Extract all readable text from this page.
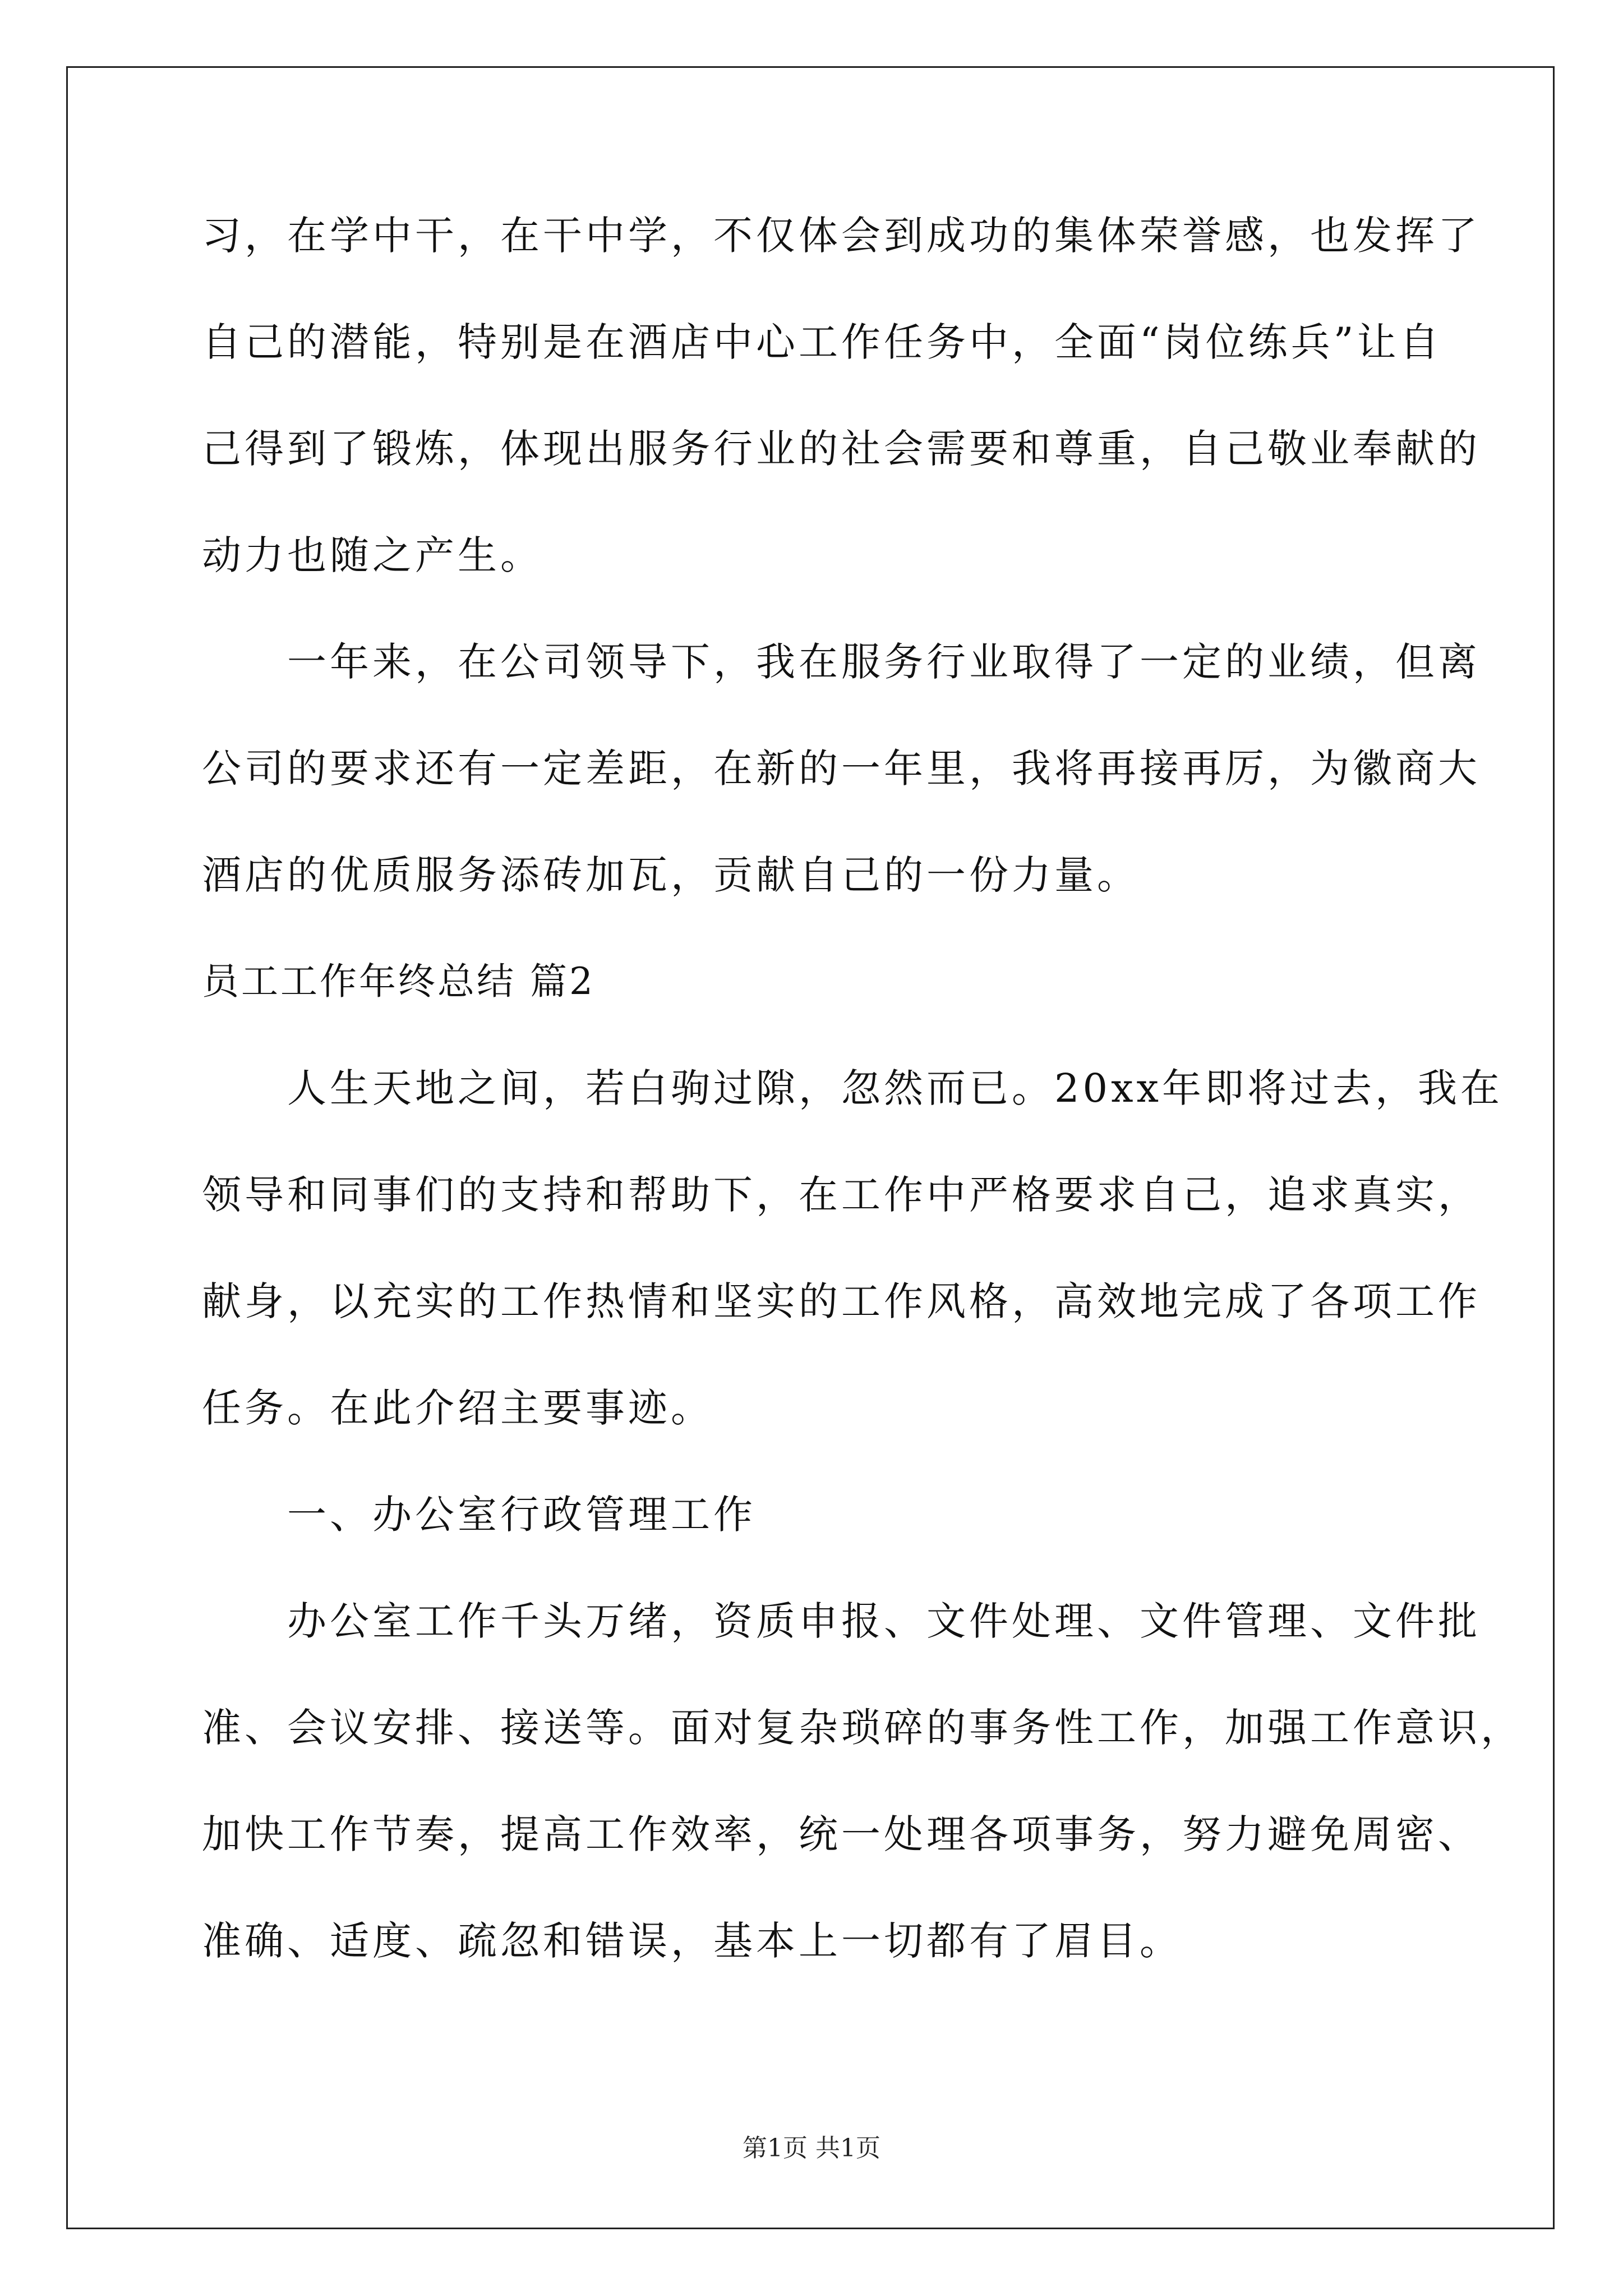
习，在学中干，在干中学，不仅体会到成功的集体荣誉感，也发挥了
自己的潜能，特别是在酒店中心工作任务中，全面“岗位练兵”让自
己得到了锻炼，体现出服务行业的社会需要和尊重，自己敬业奉献的
动力也随之产生。
　　一年来，在公司领导下，我在服务行业取得了一定的业绩，但离
公司的要求还有一定差距，在新的一年里，我将再接再厉，为徽商大
酒店的优质服务添砖加瓦，贡献自己的一份力量。
员工工作年终总结 篇2
　　人生天地之间，若白驹过隙，忽然而已。20xx年即将过去，我在
领导和同事们的支持和帮助下，在工作中严格要求自己，追求真实，
献身，以充实的工作热情和坚实的工作风格，高效地完成了各项工作
任务。在此介绍主要事迹。
　　一、办公室行政管理工作
　　办公室工作千头万绪，资质申报、文件处理、文件管理、文件批
准、会议安排、接送等。面对复杂琐碎的事务性工作，加强工作意识，
加快工作节奏，提高工作效率，统一处理各项事务，努力避免周密、
准确、适度、疏忽和错误，基本上一切都有了眉目。
第1页 共1页
